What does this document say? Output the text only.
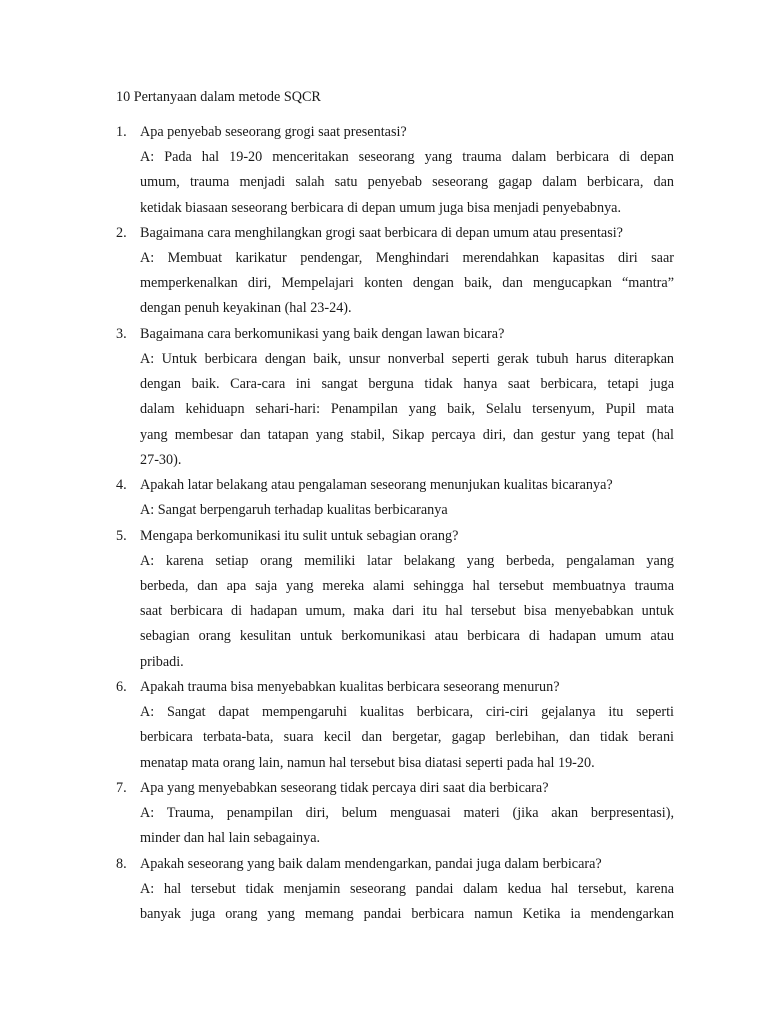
10 Pertanyaan dalam metode SQCR
1. Apa penyebab seseorang grogi saat presentasi?
A: Pada hal 19-20 menceritakan seseorang yang trauma dalam berbicara di depan
umum, trauma menjadi salah satu penyebab seseorang gagap dalam berbicara, dan
ketidak biasaan seseorang berbicara di depan umum juga bisa menjadi penyebabnya.
2. Bagaimana cara menghilangkan grogi saat berbicara di depan umum atau presentasi?
A: Membuat karikatur pendengar, Menghindari merendahkan kapasitas diri saar
memperkenalkan diri, Mempelajari konten dengan baik, dan mengucapkan “mantra”
dengan penuh keyakinan (hal 23-24).
3. Bagaimana cara berkomunikasi yang baik dengan lawan bicara?
A: Untuk berbicara dengan baik, unsur nonverbal seperti gerak tubuh harus diterapkan
dengan baik. Cara-cara ini sangat berguna tidak hanya saat berbicara, tetapi juga
dalam kehiduapn sehari-hari: Penampilan yang baik, Selalu tersenyum, Pupil mata
yang membesar dan tatapan yang stabil, Sikap percaya diri, dan gestur yang tepat (hal
27-30).
4. Apakah latar belakang atau pengalaman seseorang menunjukan kualitas bicaranya?
A: Sangat berpengaruh terhadap kualitas berbicaranya
5. Mengapa berkomunikasi itu sulit untuk sebagian orang?
A: karena setiap orang memiliki latar belakang yang berbeda, pengalaman yang
berbeda, dan apa saja yang mereka alami sehingga hal tersebut membuatnya trauma
saat berbicara di hadapan umum, maka dari itu hal tersebut bisa menyebabkan untuk
sebagian orang kesulitan untuk berkomunikasi atau berbicara di hadapan umum atau
pribadi.
6. Apakah trauma bisa menyebabkan kualitas berbicara seseorang menurun?
A: Sangat dapat mempengaruhi kualitas berbicara, ciri-ciri gejalanya itu seperti
berbicara terbata-bata, suara kecil dan bergetar, gagap berlebihan, dan tidak berani
menatap mata orang lain, namun hal tersebut bisa diatasi seperti pada hal 19-20.
7. Apa yang menyebabkan seseorang tidak percaya diri saat dia berbicara?
A: Trauma, penampilan diri, belum menguasai materi (jika akan berpresentasi),
minder dan hal lain sebagainya.
8. Apakah seseorang yang baik dalam mendengarkan, pandai juga dalam berbicara?
A: hal tersebut tidak menjamin seseorang pandai dalam kedua hal tersebut, karena
banyak juga orang yang memang pandai berbicara namun Ketika ia mendengarkan
